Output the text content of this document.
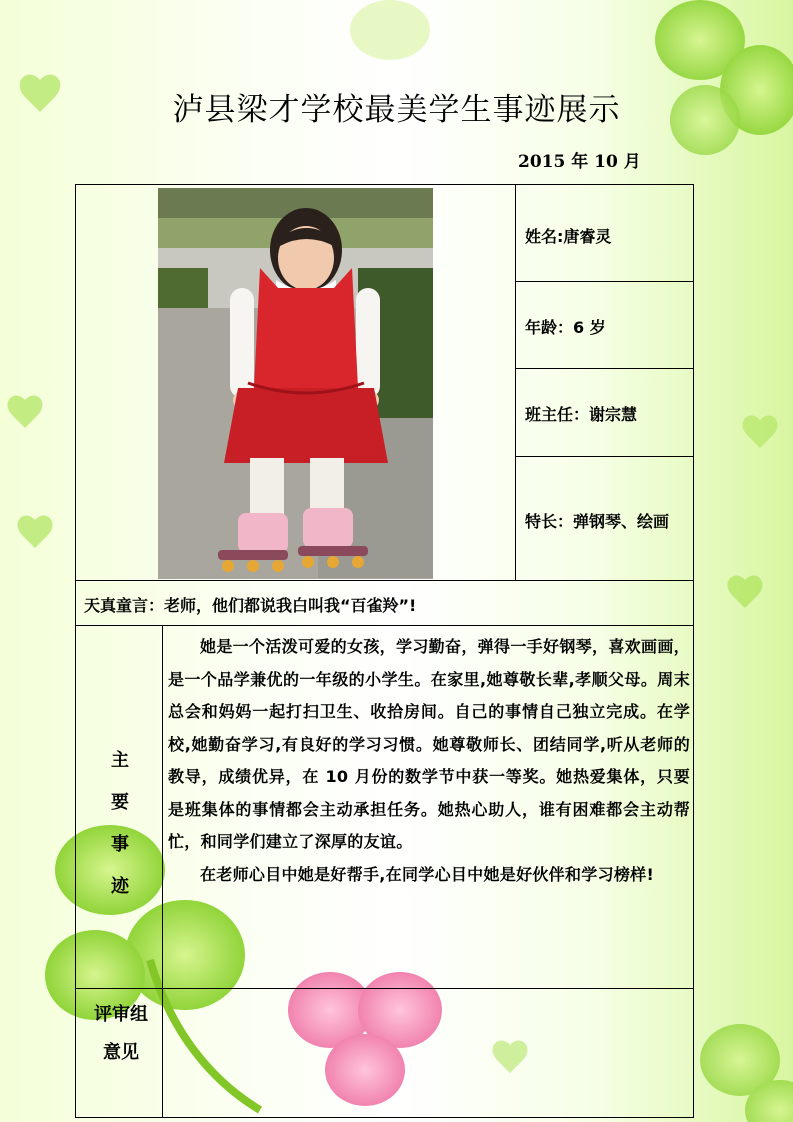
泸县梁才学校最美学生事迹展示
2015 年 10 月
姓名:唐睿灵
年龄：6 岁
班主任：谢宗慧
特长：弹钢琴、绘画
天真童言：老师，他们都说我白叫我“百雀羚”!
主
要
事
迹

她是一个活泼可爱的女孩，学习勤奋，弹得一手好钢琴，喜欢画画，是一个品学兼优的一年级的小学生。在家里,她尊敬长辈,孝顺父母。周末总会和妈妈一起打扫卫生、收拾房间。自己的事情自己独立完成。在学校,她勤奋学习,有良好的学习习惯。她尊敬师长、团结同学,听从老师的教导，成绩优异，在 10 月份的数学节中获一等奖。她热爱集体，只要是班集体的事情都会主动承担任务。她热心助人，谁有困难都会主动帮忙，和同学们建立了深厚的友谊。

在老师心目中她是好帮手,在同学心目中她是好伙伴和学习榜样!

评审组
意见
